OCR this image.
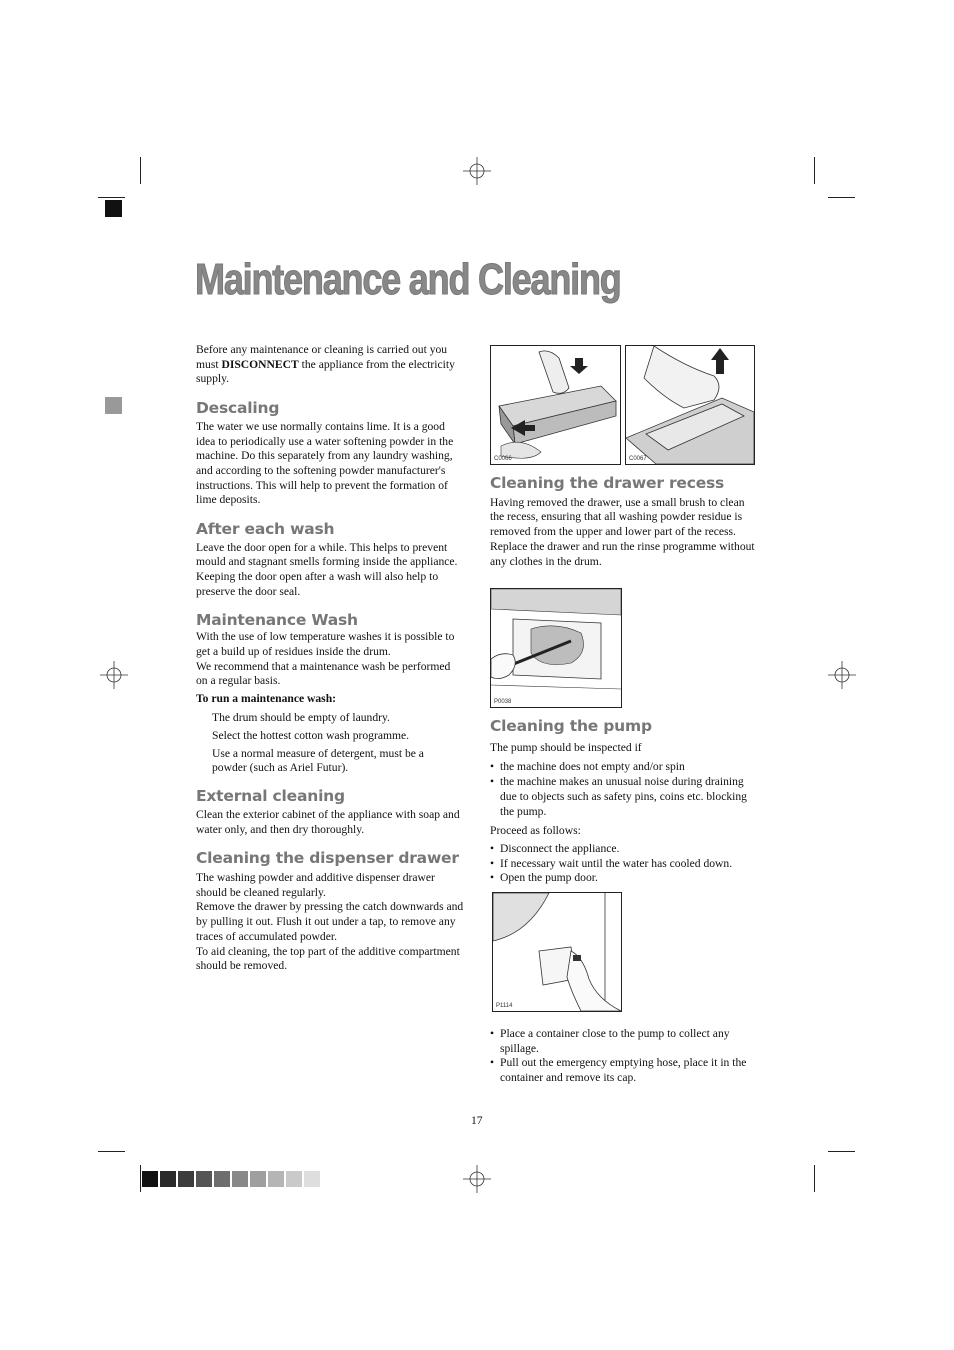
Maintenance and Cleaning

Before any maintenance or cleaning is carried out you must DISCONNECT the appliance from the electricity supply.

Descaling

The water we use normally contains lime. It is a good idea to periodically use a water softening powder in the machine. Do this separately from any laundry washing, and according to the softening powder manufacturer's instructions. This will help to prevent the formation of lime deposits.

After each wash

Leave the door open for a while. This helps to prevent mould and stagnant smells forming inside the appliance. Keeping the door open after a wash will also help to preserve the door seal.

Maintenance Wash

With the use of low temperature washes it is possible to get a build up of residues inside the drum.

We recommend that a maintenance wash be performed on a regular basis.

To run a maintenance wash:

The drum should be empty of laundry.

Select the hottest cotton wash programme.

Use a normal measure of detergent, must be a powder (such as Ariel Futur).

External cleaning

Clean the exterior cabinet of the appliance with soap and water only, and then dry thoroughly.

Cleaning the dispenser drawer

The washing powder and additive dispenser drawer should be cleaned regularly.

Remove the drawer by pressing the catch downwards and by pulling it out. Flush it out under a tap, to remove any traces of accumulated powder.

To aid cleaning, the top part of the additive compartment should be removed.

C0066	C0067
Cleaning the drawer recess

Having removed the drawer, use a small brush to clean the recess, ensuring that all washing powder residue is removed from the upper and lower part of the recess. Replace the drawer and run the rinse programme without any clothes in the drum.

P0038
Cleaning the pump

The pump should be inspected if

• the machine does not empty and/or spin
• the machine makes an unusual noise during draining due to objects such as safety pins, coins etc. blocking the pump.

Proceed as follows:

• Disconnect the appliance.
• If necessary wait until the water has cooled down.
• Open the pump door.
P1114
• Place a container close to the pump to collect any spillage.
• Pull out the emergency emptying hose, place it in the container and remove its cap.
17
